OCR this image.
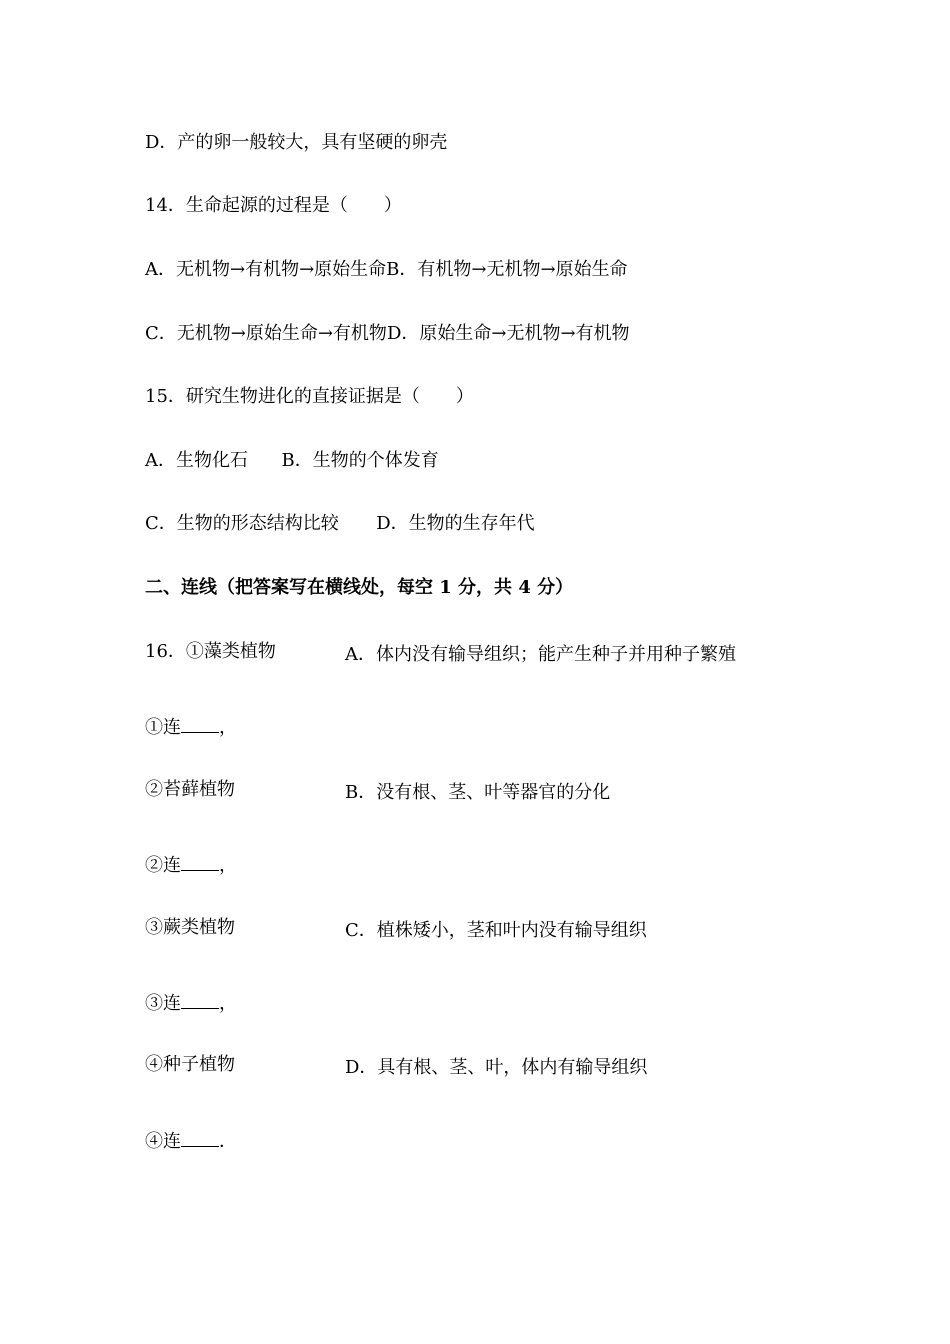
D．产的卵一般较大，具有坚硬的卵壳
14．生命起源的过程是（　　）
A．无机物→有机物→原始生命B．有机物→无机物→原始生命
C．无机物→原始生命→有机物D．原始生命→无机物→有机物
15．研究生物进化的直接证据是（　　）
A．生物化石 B．生物的个体发育
C．生物的形态结构比较 D．生物的生存年代
二、连线（把答案写在横线处，每空 1 分，共 4 分）
16．①藻类植物	A．体内没有输导组织；能产生种子并用种子繁殖
①连 ，
②苔藓植物	B．没有根、茎、叶等器官的分化
②连 ，
③蕨类植物	C．植株矮小，茎和叶内没有输导组织
③连 ，
④种子植物	D．具有根、茎、叶，体内有输导组织
④连 ．
